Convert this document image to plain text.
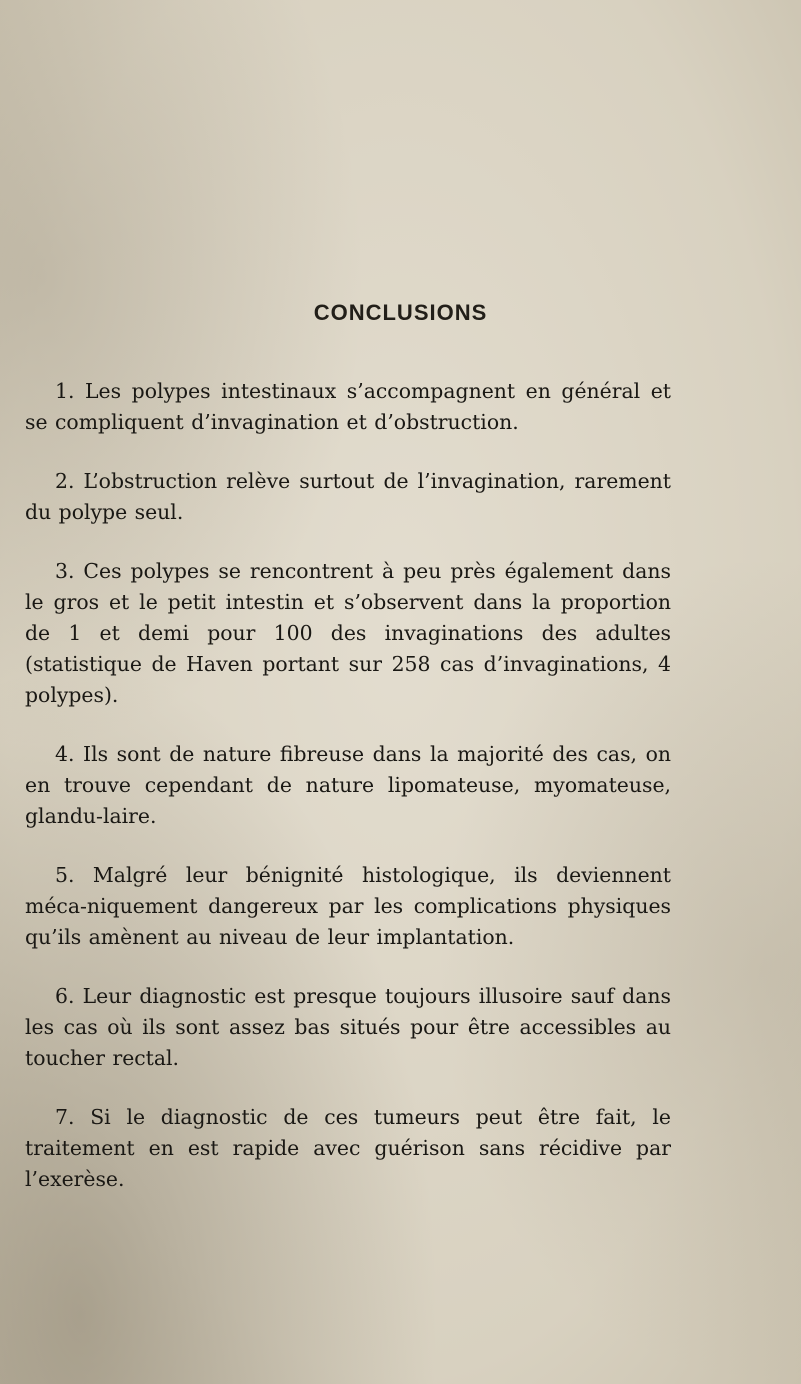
CONCLUSIONS
1. Les polypes intestinaux s’accompagnent en général et se compliquent d’invagination et d’obstruction.
2. L’obstruction relève surtout de l’invagination, rarement du polype seul.
3. Ces polypes se rencontrent à peu près également dans le gros et le petit intestin et s’observent dans la proportion de 1 et demi pour 100 des invaginations des adultes (statistique de Haven portant sur 258 cas d’invaginations, 4 polypes).
4. Ils sont de nature fibreuse dans la majorité des cas, on en trouve cependant de nature lipomateuse, myomateuse, glandu-laire.
5. Malgré leur bénignité histologique, ils deviennent méca-niquement dangereux par les complications physiques qu’ils amènent au niveau de leur implantation.
6. Leur diagnostic est presque toujours illusoire sauf dans les cas où ils sont assez bas situés pour être accessibles au toucher rectal.
7. Si le diagnostic de ces tumeurs peut être fait, le traitement en est rapide avec guérison sans récidive par l’exerèse.
